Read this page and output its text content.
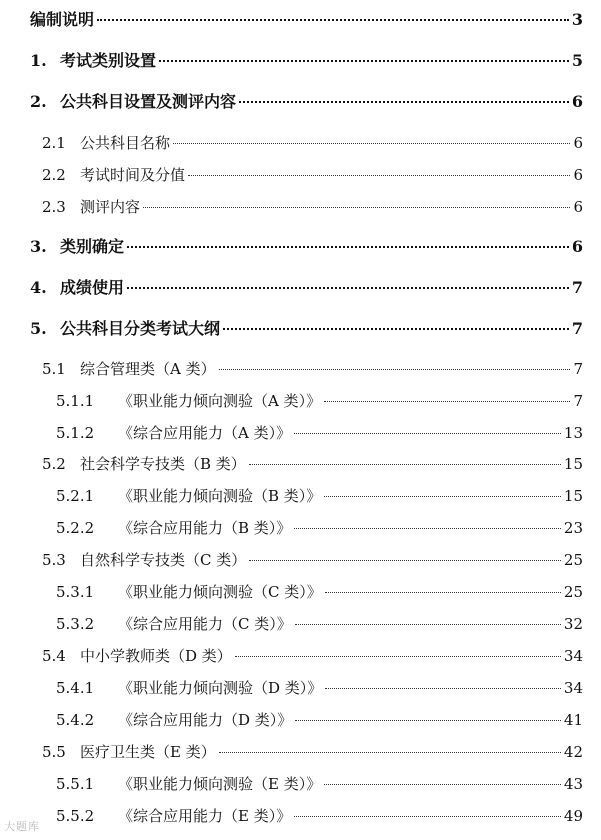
编制说明	3
1. 考试类别设置	5
2. 公共科目设置及测评内容	6
2.1 公共科目名称	6
2.2 考试时间及分值	6
2.3 测评内容	6
3. 类别确定	6
4. 成绩使用	7
5. 公共科目分类考试大纲	7
5.1 综合管理类（A 类）	7
5.1.1	《职业能力倾向测验（A 类）》	7
5.1.2	《综合应用能力（A 类）》	13
5.2 社会科学专技类（B 类）	15
5.2.1	《职业能力倾向测验（B 类）》	15
5.2.2	《综合应用能力（B 类）》	23
5.3 自然科学专技类（C 类）	25
5.3.1	《职业能力倾向测验（C 类）》	25
5.3.2	《综合应用能力（C 类）》	32
5.4 中小学教师类（D 类）	34
5.4.1	《职业能力倾向测验（D 类）》	34
5.4.2	《综合应用能力（D 类）》	41
5.5 医疗卫生类（E 类）	42
5.5.1	《职业能力倾向测验（E 类）》	43
5.5.2	《综合应用能力（E 类）》	49
大题库
